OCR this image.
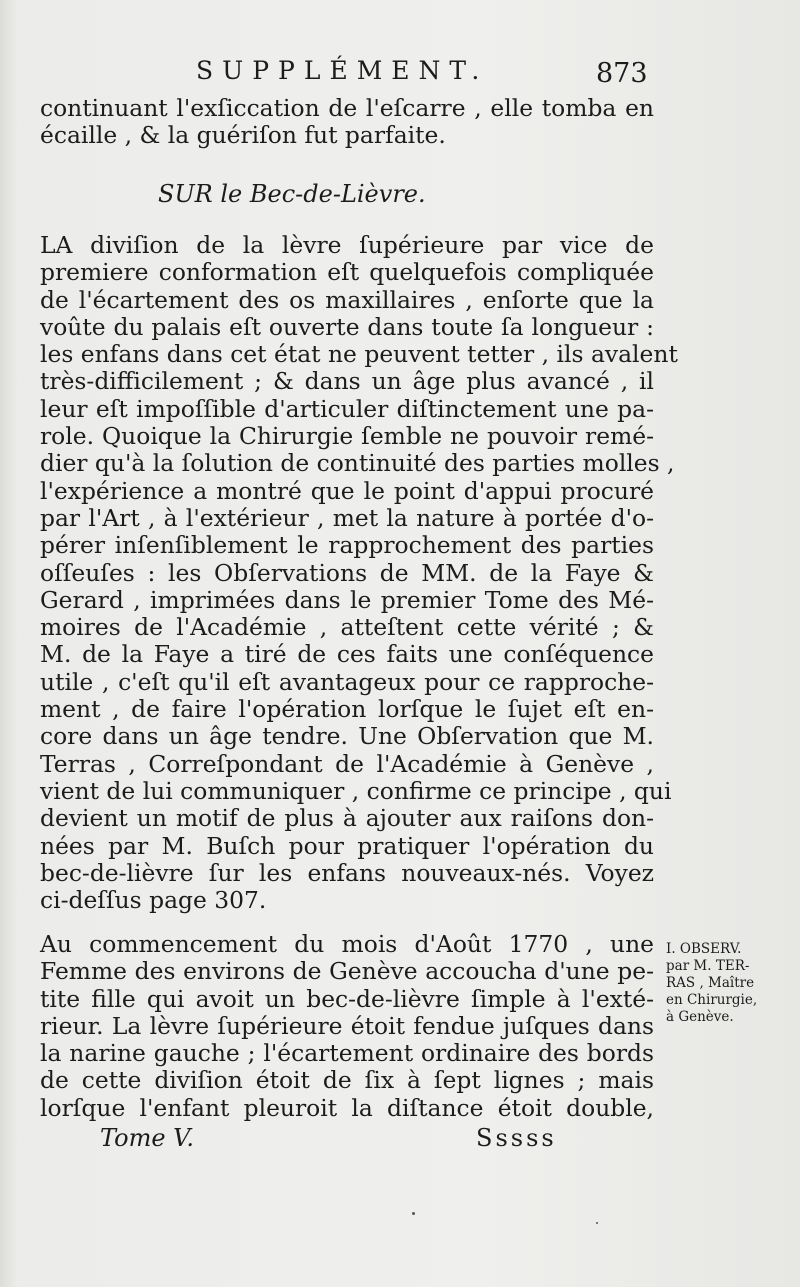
SUPPLÉMENT.	873
continuant l'exſiccation de l'eſcarre , elle tomba en
écaille , & la guériſon fut parfaite.
SUR le Bec-de-Lièvre.
LA diviſion de la lèvre ſupérieure par vice de
premiere conformation eſt quelquefois compliquée
de l'écartement des os maxillaires , enſorte que la
voûte du palais eſt ouverte dans toute ſa longueur :
les enfans dans cet état ne peuvent tetter , ils avalent
très-difficilement ; & dans un âge plus avancé , il
leur eſt impoſſible d'articuler diſtinctement une pa-
role. Quoique la Chirurgie ſemble ne pouvoir remé-
dier qu'à la ſolution de continuité des parties molles ,
l'expérience a montré que le point d'appui procuré
par l'Art , à l'extérieur , met la nature à portée d'o-
pérer inſenſiblement le rapprochement des parties
oſſeuſes : les Obſervations de MM. de la Faye &
Gerard , imprimées dans le premier Tome des Mé-
moires de l'Académie , atteſtent cette vérité ; &
M. de la Faye a tiré de ces faits une conſéquence
utile , c'eſt qu'il eſt avantageux pour ce rapproche-
ment , de faire l'opération lorſque le ſujet eſt en-
core dans un âge tendre. Une Obſervation que M.
Terras , Correſpondant de l'Académie à Genève ,
vient de lui communiquer , confirme ce principe , qui
devient un motif de plus à ajouter aux raiſons don-
nées par M. Buſch pour pratiquer l'opération du
bec-de-lièvre ſur les enfans nouveaux-nés. Voyez
ci-deſſus page 307.
Au commencement du mois d'Août 1770 , une
Femme des environs de Genève accoucha d'une pe-
tite fille qui avoit un bec-de-lièvre ſimple à l'exté-
rieur. La lèvre ſupérieure étoit fendue juſques dans
la narine gauche ; l'écartement ordinaire des bords
de cette diviſion étoit de ſix à ſept lignes ; mais
lorſque l'enfant pleuroit la diſtance étoit double,
I. OBSERV.
par M. TER-
RAS , Maître
en Chirurgie,
à Genève.
Tome V.	Sssss
